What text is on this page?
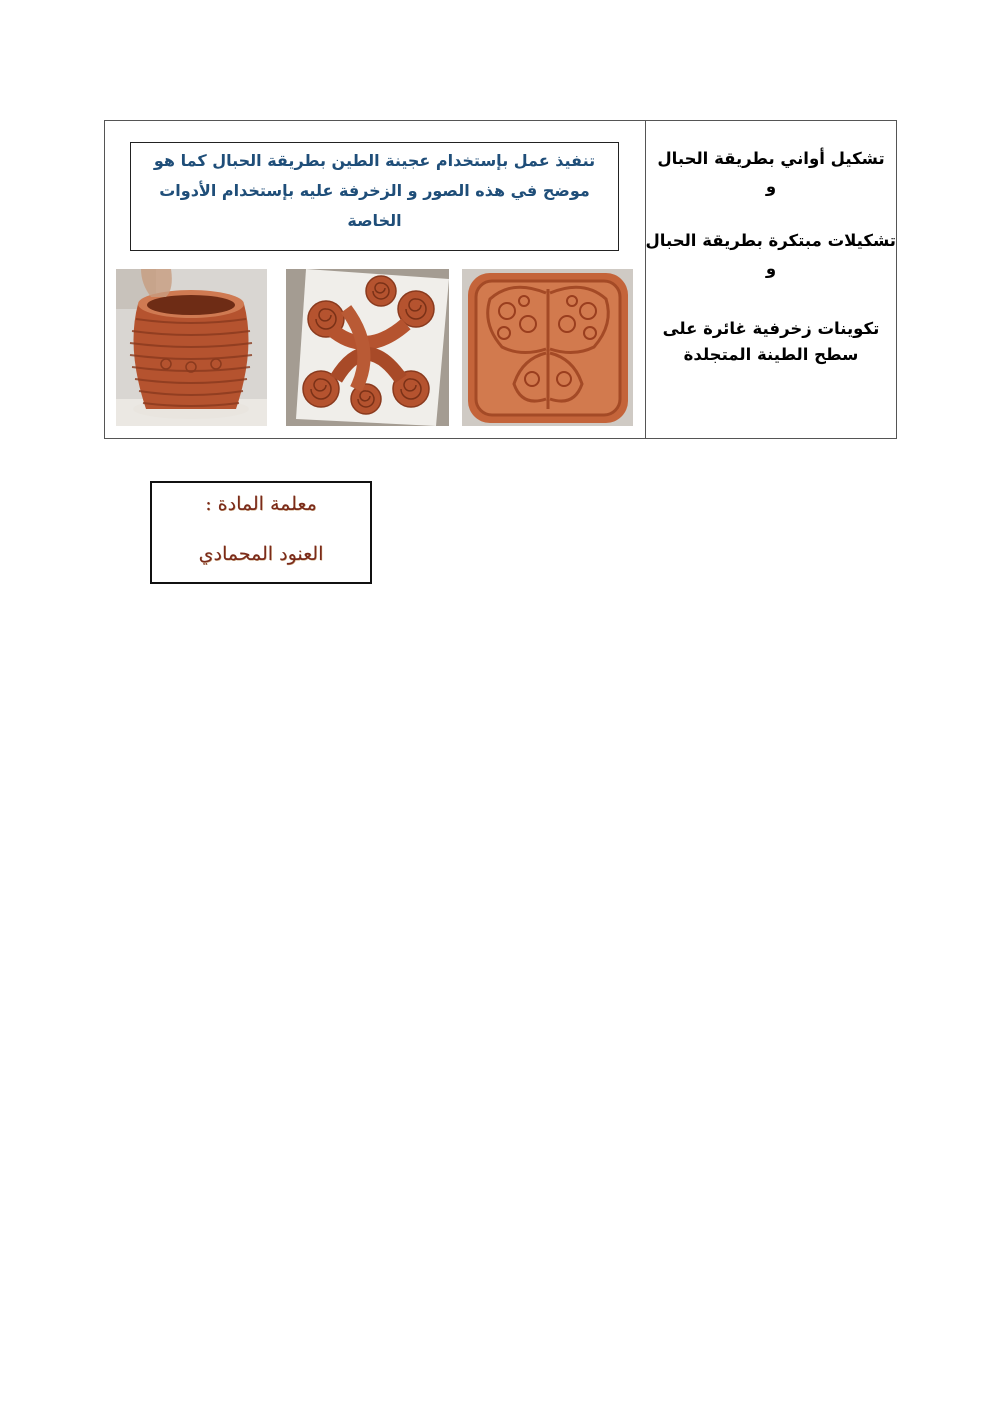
تشكيل أواني بطريقة الحبال
و
تشكيلات مبتكرة بطريقة الحبال
و
تكوينات زخرفية غائرة على
سطح الطينة المتجلدة
تنفيذ عمل بإستخدام عجينة الطين بطريقة الحبال كما هو
موضح في هذه الصور و الزخرفة عليه بإستخدام الأدوات
الخاصة
معلمة المادة :
العنود المحمادي
